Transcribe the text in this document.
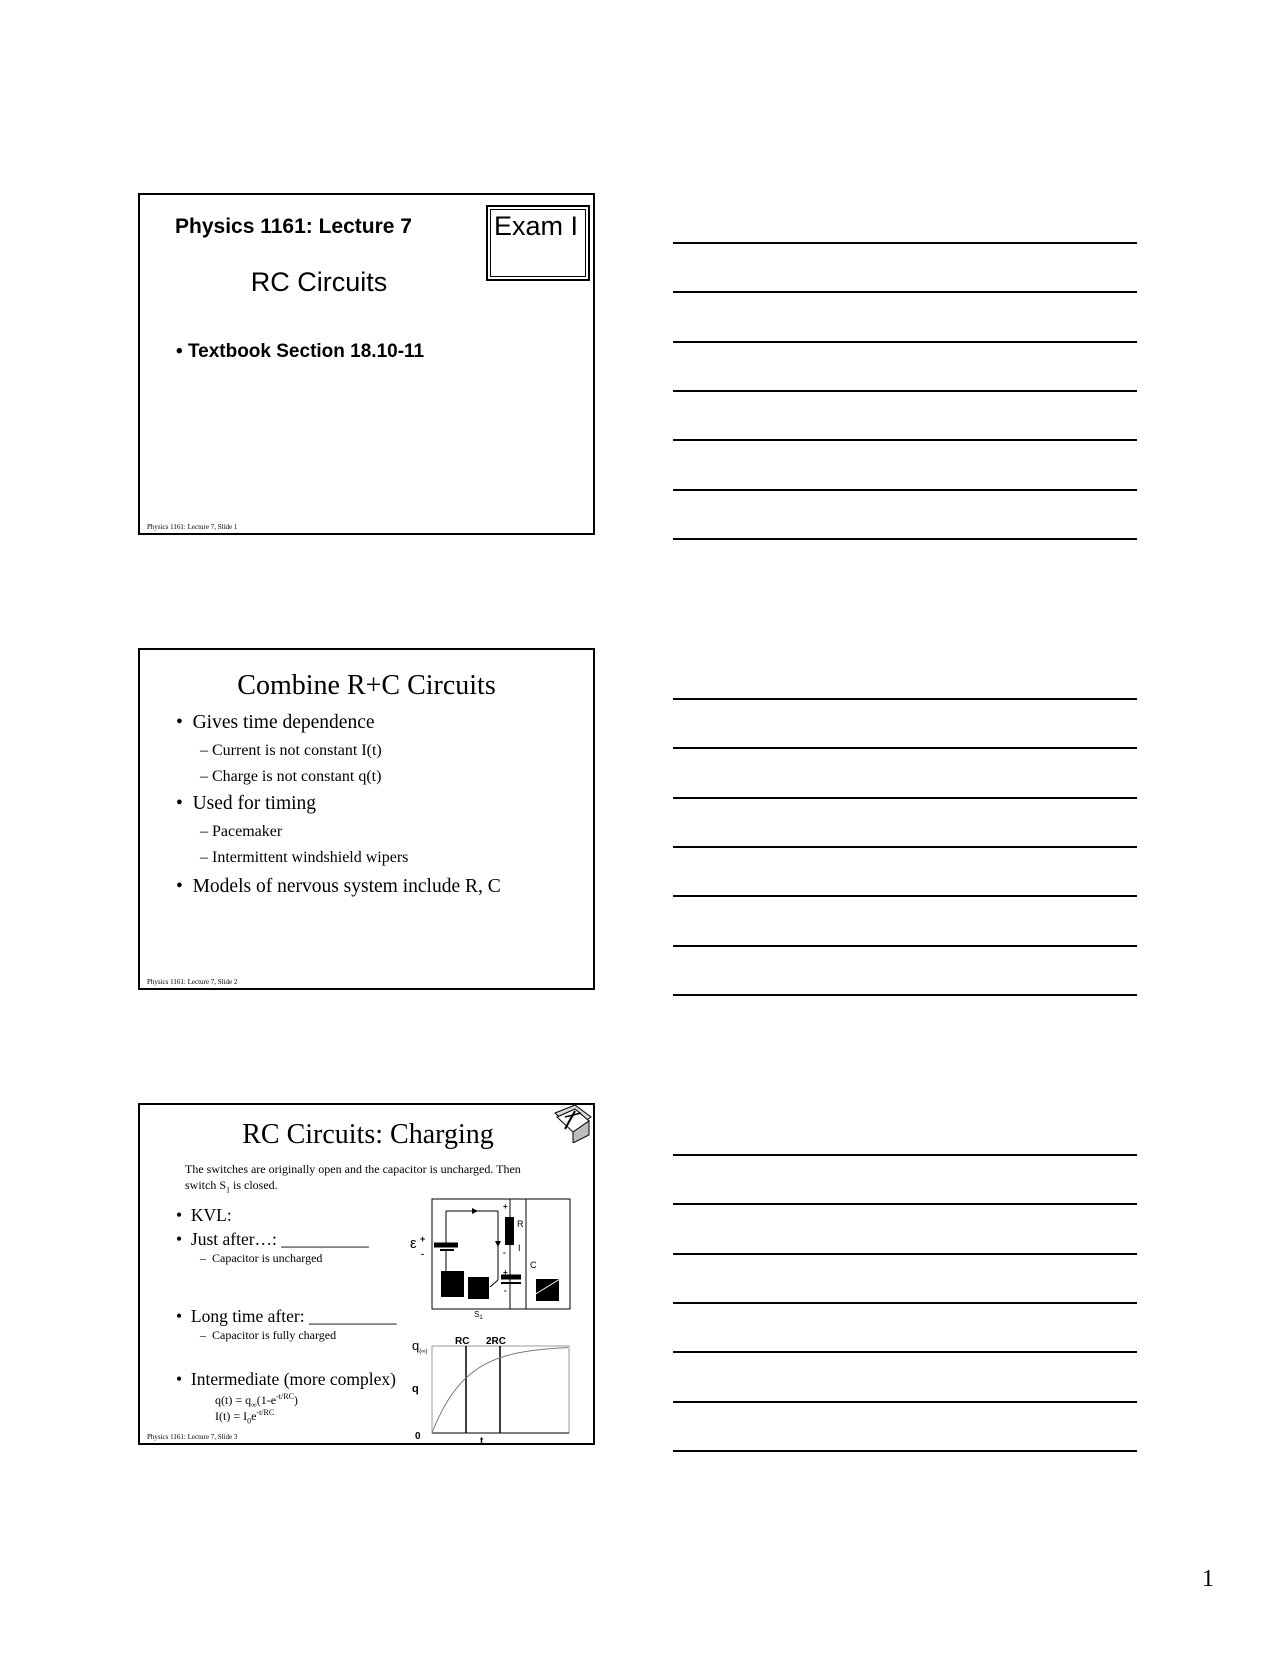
Physics 1161: Lecture 7	Exam I
RC Circuits
• Textbook Section 18.10-11
Physics 1161: Lecture 7, Slide 1
Combine R+C Circuits
•  Gives time dependence
– Current is not constant I(t)
– Charge is not constant q(t)
•  Used for timing
– Pacemaker
– Intermittent windshield wipers
•  Models of nervous system include R, C
Physics 1161: Lecture 7, Slide 2
RC Circuits: Charging
The switches are originally open and the capacitor is uncharged. Then switch $S_1$ is closed.
•  KVL:
•  Just after…: __________
–  Capacitor is uncharged
•  Long time after: __________
–  Capacitor is fully charged
•  Intermediate (more complex)
$q(t) = q_\infty(1-e^{-t/RC})$
$I(t) = I_0e^{-t/RC}$
ε +
-
+
-
+
-
R
I
C
$S_1$
RC 2RC
$q_{(\infty)}$
q
0	t
Physics 1161: Lecture 7, Slide 3
1
